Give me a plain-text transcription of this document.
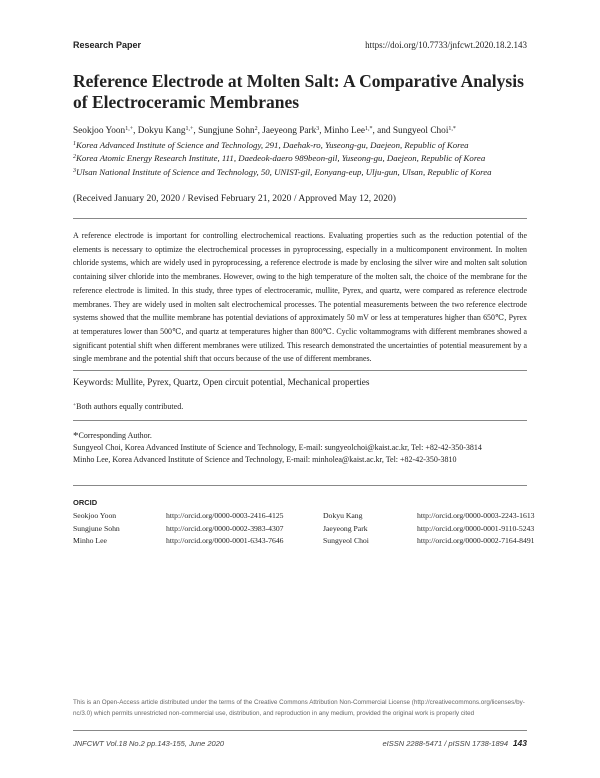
Research Paper	https://doi.org/10.7733/jnfcwt.2020.18.2.143
Reference Electrode at Molten Salt: A Comparative Analysis of Electroceramic Membranes
Seokjoo Yoon$^{1,+}$, Dokyu Kang$^{1,+}$, Sungjune Sohn$^2$, Jaeyeong Park$^3$, Minho Lee$^{1,*}$, and Sungyeol Choi$^{1,*}$
$^1$Korea Advanced Institute of Science and Technology, 291, Daehak-ro, Yuseong-gu, Daejeon, Republic of Korea
$^2$Korea Atomic Energy Research Institute, 111, Daedeok-daero 989beon-gil, Yuseong-gu, Daejeon, Republic of Korea
$^3$Ulsan National Institute of Science and Technology, 50, UNIST-gil, Eonyang-eup, Ulju-gun, Ulsan, Republic of Korea
(Received January 20, 2020 / Revised February 21, 2020 / Approved May 12, 2020)
A reference electrode is important for controlling electrochemical reactions. Evaluating properties such as the reduction potential of the elements is necessary to optimize the electrochemical processes in pyroprocessing, especially in a multicomponent environment. In molten chloride systems, which are widely used in pyroprocessing, a reference electrode is made by enclosing the silver wire and molten salt solution containing silver chloride into the membranes. However, owing to the high temperature of the molten salt, the choice of the membrane for the reference electrode is limited. In this study, three types of electroceramic, mullite, Pyrex, and quartz, were compared as reference electrode membranes. They are widely used in molten salt electrochemical processes. The potential measurements between the two reference electrode systems showed that the mullite membrane has potential deviations of approximately 50 mV or less at temperatures higher than 650℃, Pyrex at temperatures lower than 500℃, and quartz at temperatures higher than 800℃. Cyclic voltammograms with different membranes showed a significant potential shift when different membranes were utilized. This research demonstrated the uncertainties of potential measurement by a single membrane and the potential shift that occurs because of the use of different membranes.
Keywords: Mullite, Pyrex, Quartz, Open circuit potential, Mechanical properties
+Both authors equally contributed.
*Corresponding Author.
Sungyeol Choi, Korea Advanced Institute of Science and Technology, E-mail: sungyeolchoi@kaist.ac.kr, Tel: +82-42-350-3814
Minho Lee, Korea Advanced Institute of Science and Technology, E-mail: minholea@kaist.ac.kr, Tel: +82-42-350-3810
ORCID
Seokjoo Yoon	http://orcid.org/0000-0003-2416-4125	Dokyu Kang	http://orcid.org/0000-0003-2243-1613
Sungjune Sohn	http://orcid.org/0000-0002-3983-4307	Jaeyeong Park	http://orcid.org/0000-0001-9110-5243
Minho Lee	http://orcid.org/0000-0001-6343-7646	Sungyeol Choi	http://orcid.org/0000-0002-7164-8491
This is an Open-Access article distributed under the terms of the Creative Commons Attribution Non-Commercial License (http://creativecommons.org/licenses/by-nc/3.0) which permits unrestricted non-commercial use, distribution, and reproduction in any medium, provided the original work is properly cited
JNFCWT Vol.18 No.2 pp.143-155, June 2020	eISSN 2288-5471 / pISSN 1738-1894 143
